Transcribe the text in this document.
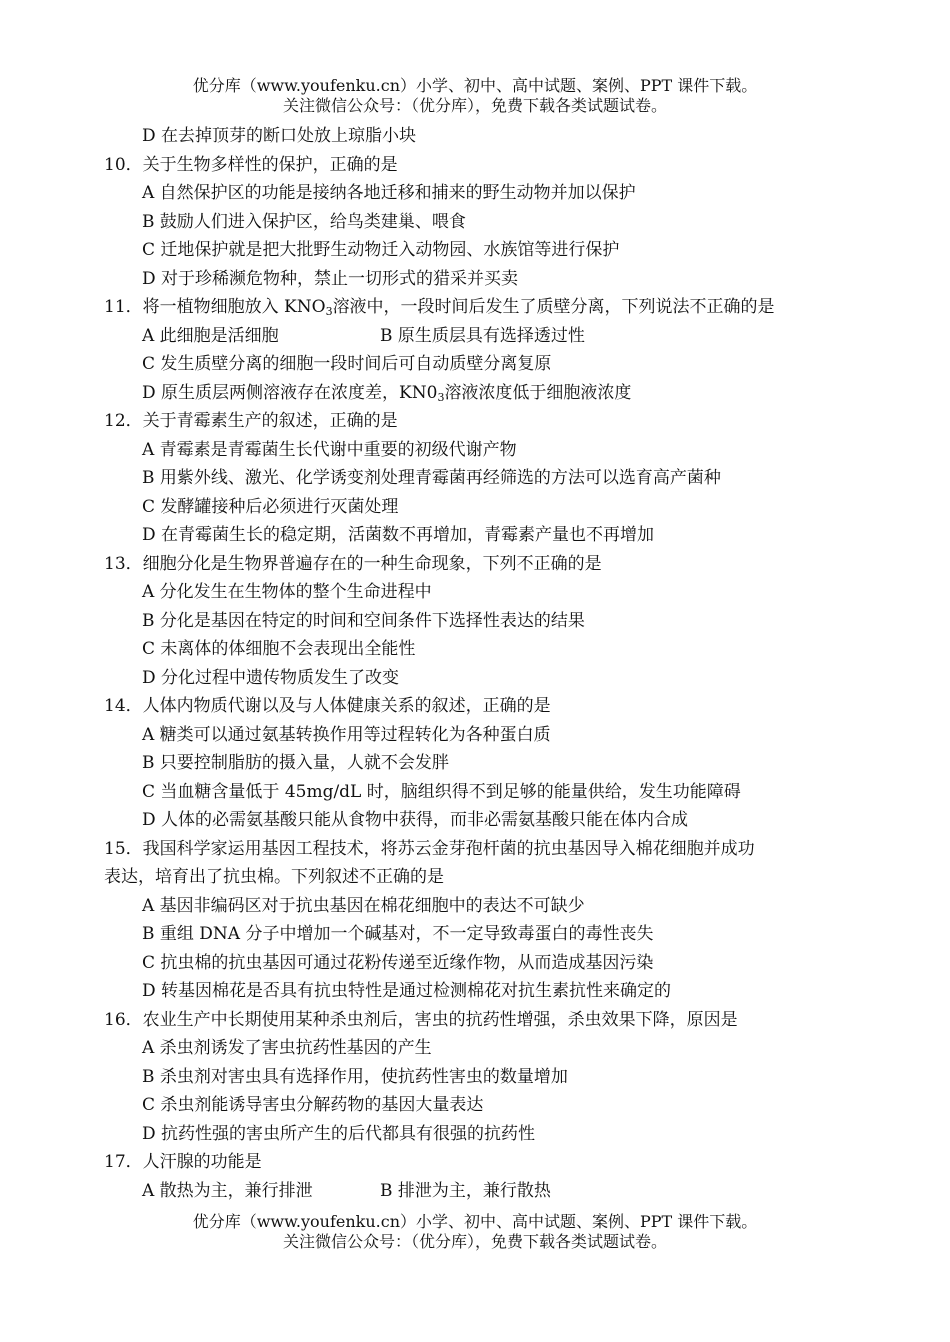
优分库（www.youfenku.cn）小学、初中、高中试题、案例、PPT 课件下载。
关注微信公众号：（优分库），免费下载各类试题试卷。
D 在去掉顶芽的断口处放上琼脂小块
10．关于生物多样性的保护，正确的是
A 自然保护区的功能是接纳各地迁移和捕来的野生动物并加以保护
B 鼓励人们进入保护区，给鸟类建巢、喂食
C 迁地保护就是把大批野生动物迁入动物园、水族馆等进行保护
D 对于珍稀濒危物种，禁止一切形式的猎采并买卖
11．将一植物细胞放入 $KNO_3$溶液中，一段时间后发生了质壁分离，下列说法不正确的是
A 此细胞是活细胞	B 原生质层具有选择透过性
C 发生质壁分离的细胞一段时间后可自动质壁分离复原
D 原生质层两侧溶液存在浓度差，$KN0_3$溶液浓度低于细胞液浓度
12．关于青霉素生产的叙述，正确的是
A 青霉素是青霉菌生长代谢中重要的初级代谢产物
B 用紫外线、激光、化学诱变剂处理青霉菌再经筛选的方法可以选育高产菌种
C 发酵罐接种后必须进行灭菌处理
D 在青霉菌生长的稳定期，活菌数不再增加，青霉素产量也不再增加
13．细胞分化是生物界普遍存在的一种生命现象，下列不正确的是
A 分化发生在生物体的整个生命进程中
B 分化是基因在特定的时间和空间条件下选择性表达的结果
C 未离体的体细胞不会表现出全能性
D 分化过程中遗传物质发生了改变
14．人体内物质代谢以及与人体健康关系的叙述，正确的是
A 糖类可以通过氨基转换作用等过程转化为各种蛋白质
B 只要控制脂肪的摄入量，人就不会发胖
C 当血糖含量低于 45mg/dL 时，脑组织得不到足够的能量供给，发生功能障碍
D 人体的必需氨基酸只能从食物中获得，而非必需氨基酸只能在体内合成
15．我国科学家运用基因工程技术，将苏云金芽孢杆菌的抗虫基因导入棉花细胞并成功
表达，培育出了抗虫棉。下列叙述不正确的是
A 基因非编码区对于抗虫基因在棉花细胞中的表达不可缺少
B 重组 DNA 分子中增加一个碱基对，不一定导致毒蛋白的毒性丧失
C 抗虫棉的抗虫基因可通过花粉传递至近缘作物，从而造成基因污染
D 转基因棉花是否具有抗虫特性是通过检测棉花对抗生素抗性来确定的
16．农业生产中长期使用某种杀虫剂后，害虫的抗药性增强，杀虫效果下降，原因是
A 杀虫剂诱发了害虫抗药性基因的产生
B 杀虫剂对害虫具有选择作用，使抗药性害虫的数量增加
C 杀虫剂能诱导害虫分解药物的基因大量表达
D 抗药性强的害虫所产生的后代都具有很强的抗药性
17．人汗腺的功能是
A 散热为主，兼行排泄	B 排泄为主，兼行散热
优分库（www.youfenku.cn）小学、初中、高中试题、案例、PPT 课件下载。
关注微信公众号：（优分库），免费下载各类试题试卷。
